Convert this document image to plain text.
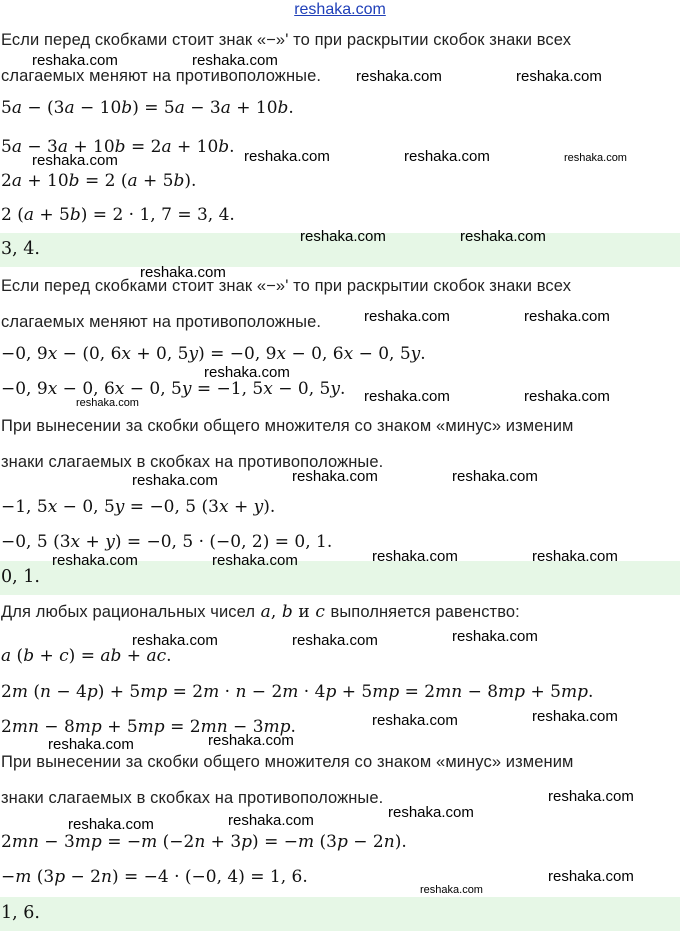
reshaka.com
Если перед скобками стоит знак «−»' то при раскрытии скобок знаки всех
слагаемых меняют на противоположные.
5a − (3a − 10b) = 5a − 3a + 10b.
5a − 3a + 10b = 2a + 10b.
2a + 10b = 2 (a + 5b).
2 (a + 5b) = 2 · 1, 7 = 3, 4.
3, 4.
Если перед скобками стоит знак «−»' то при раскрытии скобок знаки всех
слагаемых меняют на противоположные.
−0, 9x − (0, 6x + 0, 5y) = −0, 9x − 0, 6x − 0, 5y.
−0, 9x − 0, 6x − 0, 5y = −1, 5x − 0, 5y.
При вынесении за скобки общего множителя со знаком «минус» изменим
знаки слагаемых в скобках на противоположные.
−1, 5x − 0, 5y = −0, 5 (3x + y).
−0, 5 (3x + y) = −0, 5 · (−0, 2) = 0, 1.
0, 1.
Для любых рациональных чисел a, b и c выполняется равенство:
a (b + c) = ab + ac.
2m (n − 4p) + 5mp = 2m · n − 2m · 4p + 5mp = 2mn − 8mp + 5mp.
2mn − 8mp + 5mp = 2mn − 3mp.
При вынесении за скобки общего множителя со знаком «минус» изменим
знаки слагаемых в скобках на противоположные.
2mn − 3mp = −m (−2n + 3p) = −m (3p − 2n).
−m (3p − 2n) = −4 · (−0, 4) = 1, 6.
1, 6.
reshaka.com	reshaka.com
reshaka.com	reshaka.com
reshaka.com	reshaka.com	reshaka.com	reshaka.com
reshaka.com	reshaka.com
reshaka.com
reshaka.com	reshaka.com
reshaka.com
reshaka.com	reshaka.com	reshaka.com
reshaka.com	reshaka.com	reshaka.com
reshaka.com	reshaka.com	reshaka.com	reshaka.com
reshaka.com	reshaka.com	reshaka.com
reshaka.com	reshaka.com
reshaka.com	reshaka.com
reshaka.com
reshaka.com
reshaka.com
reshaka.com
reshaka.com
reshaka.com
